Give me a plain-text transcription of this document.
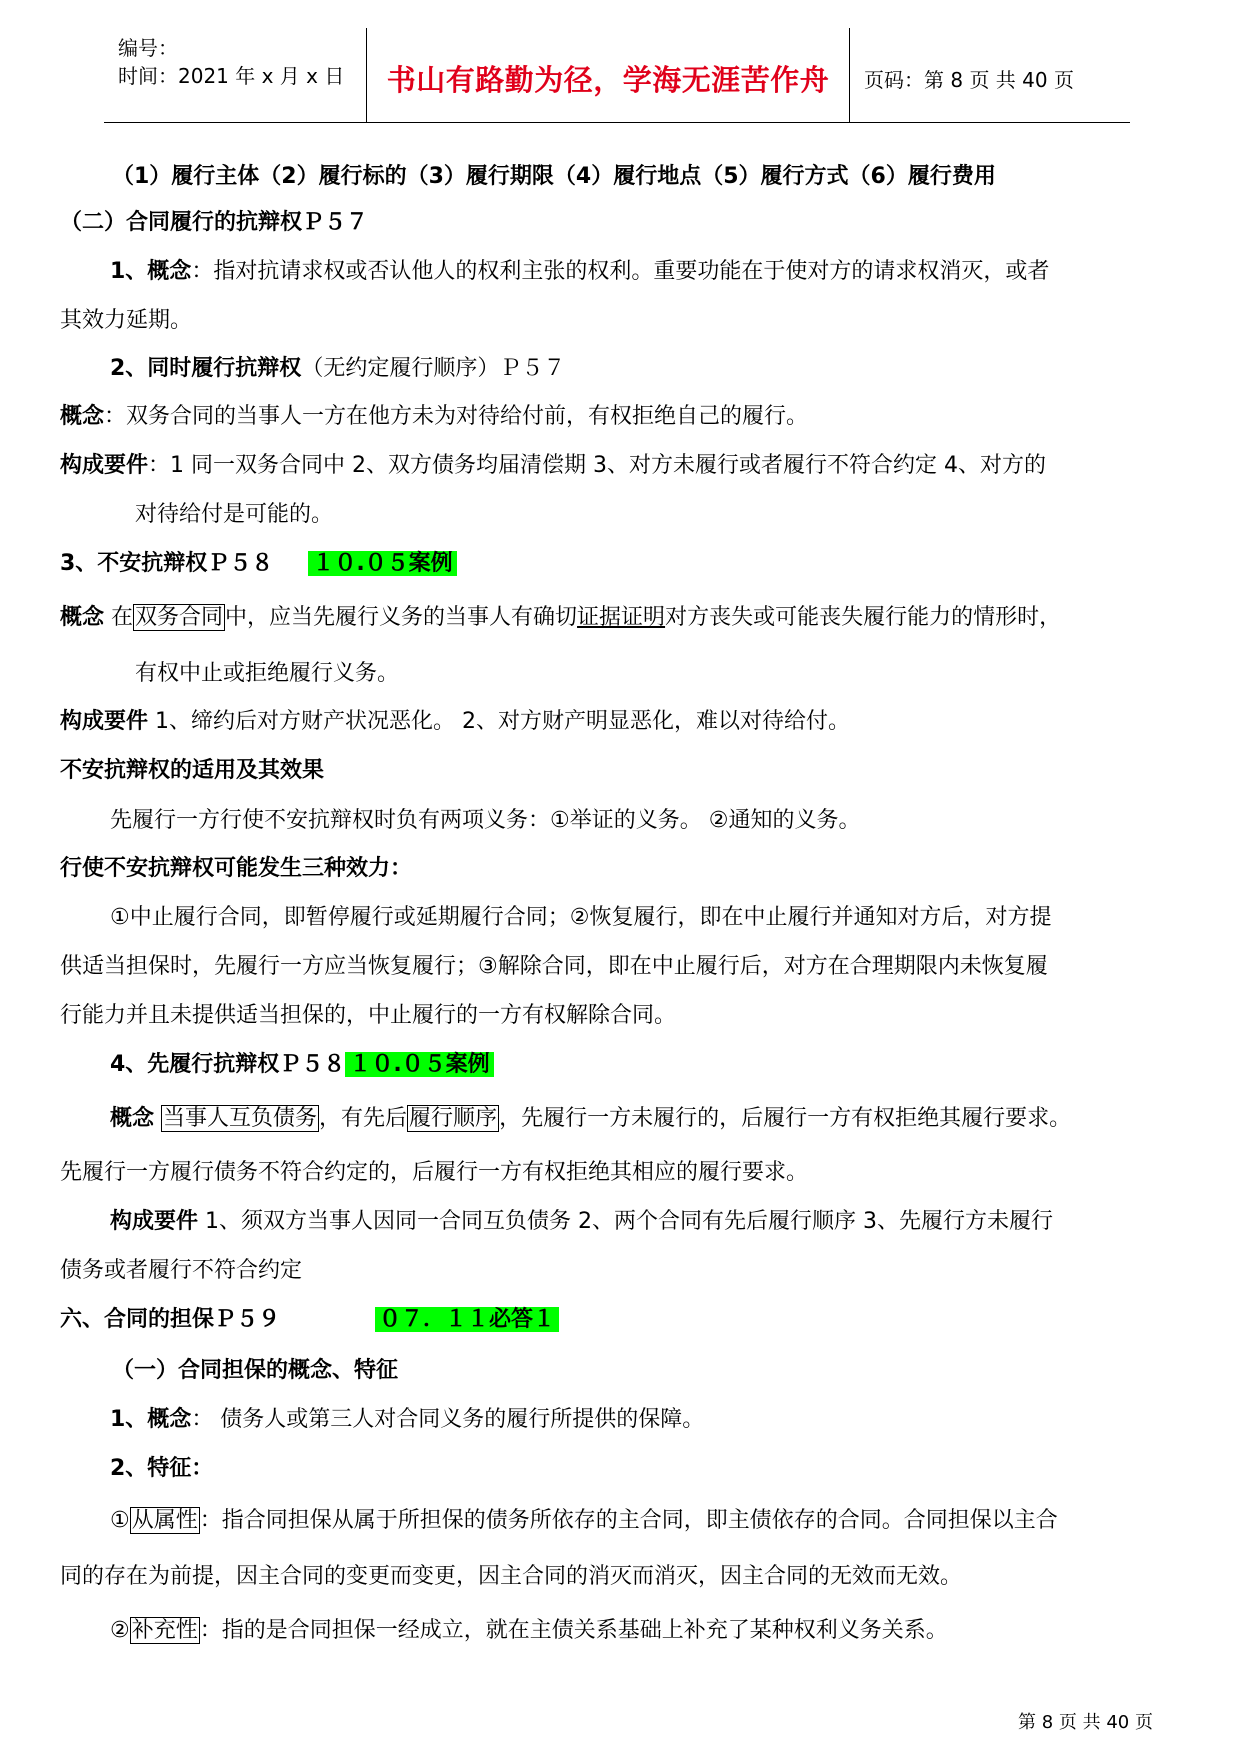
编号：
时间：2021 年 x 月 x 日	书山有路勤为径，学海无涯苦作舟	页码：第 8 页 共 40 页
（1）履行主体（2）履行标的（3）履行期限（4）履行地点（5）履行方式（6）履行费用
（二）合同履行的抗辩权Ｐ５７
1、概念：指对抗请求权或否认他人的权利主张的权利。重要功能在于使对方的请求权消灭，或者
其效力延期。
2、同时履行抗辩权（无约定履行顺序）Ｐ５７
概念：双务合同的当事人一方在他方未为对待给付前，有权拒绝自己的履行。
构成要件：1 同一双务合同中 2、双方债务均届清偿期 3、对方未履行或者履行不符合约定 4、对方的
对待给付是可能的。
3、不安抗辩权Ｐ５８ １０.０５案例
概念 在双务合同中，应当先履行义务的当事人有确切证据证明对方丧失或可能丧失履行能力的情形时，
有权中止或拒绝履行义务。
构成要件 1、缔约后对方财产状况恶化。 2、对方财产明显恶化，难以对待给付。
不安抗辩权的适用及其效果
先履行一方行使不安抗辩权时负有两项义务：①举证的义务。 ②通知的义务。
行使不安抗辩权可能发生三种效力：
①中止履行合同，即暂停履行或延期履行合同；②恢复履行，即在中止履行并通知对方后，对方提
供适当担保时，先履行一方应当恢复履行；③解除合同，即在中止履行后，对方在合理期限内未恢复履
行能力并且未提供适当担保的，中止履行的一方有权解除合同。
4、先履行抗辩权Ｐ５８ １０.０５案例
概念 当事人互负债务，有先后履行顺序，先履行一方未履行的，后履行一方有权拒绝其履行要求。
先履行一方履行债务不符合约定的，后履行一方有权拒绝其相应的履行要求。
构成要件 1、须双方当事人因同一合同互负债务 2、两个合同有先后履行顺序 3、先履行方未履行
债务或者履行不符合约定
六、合同的担保Ｐ５９	０７．１１必答１
（一）合同担保的概念、特征
1、概念： 债务人或第三人对合同义务的履行所提供的保障。
2、特征：
①从属性：指合同担保从属于所担保的债务所依存的主合同，即主债依存的合同。合同担保以主合
同的存在为前提，因主合同的变更而变更，因主合同的消灭而消灭，因主合同的无效而无效。
②补充性：指的是合同担保一经成立，就在主债关系基础上补充了某种权利义务关系。
第 8 页 共 40 页
